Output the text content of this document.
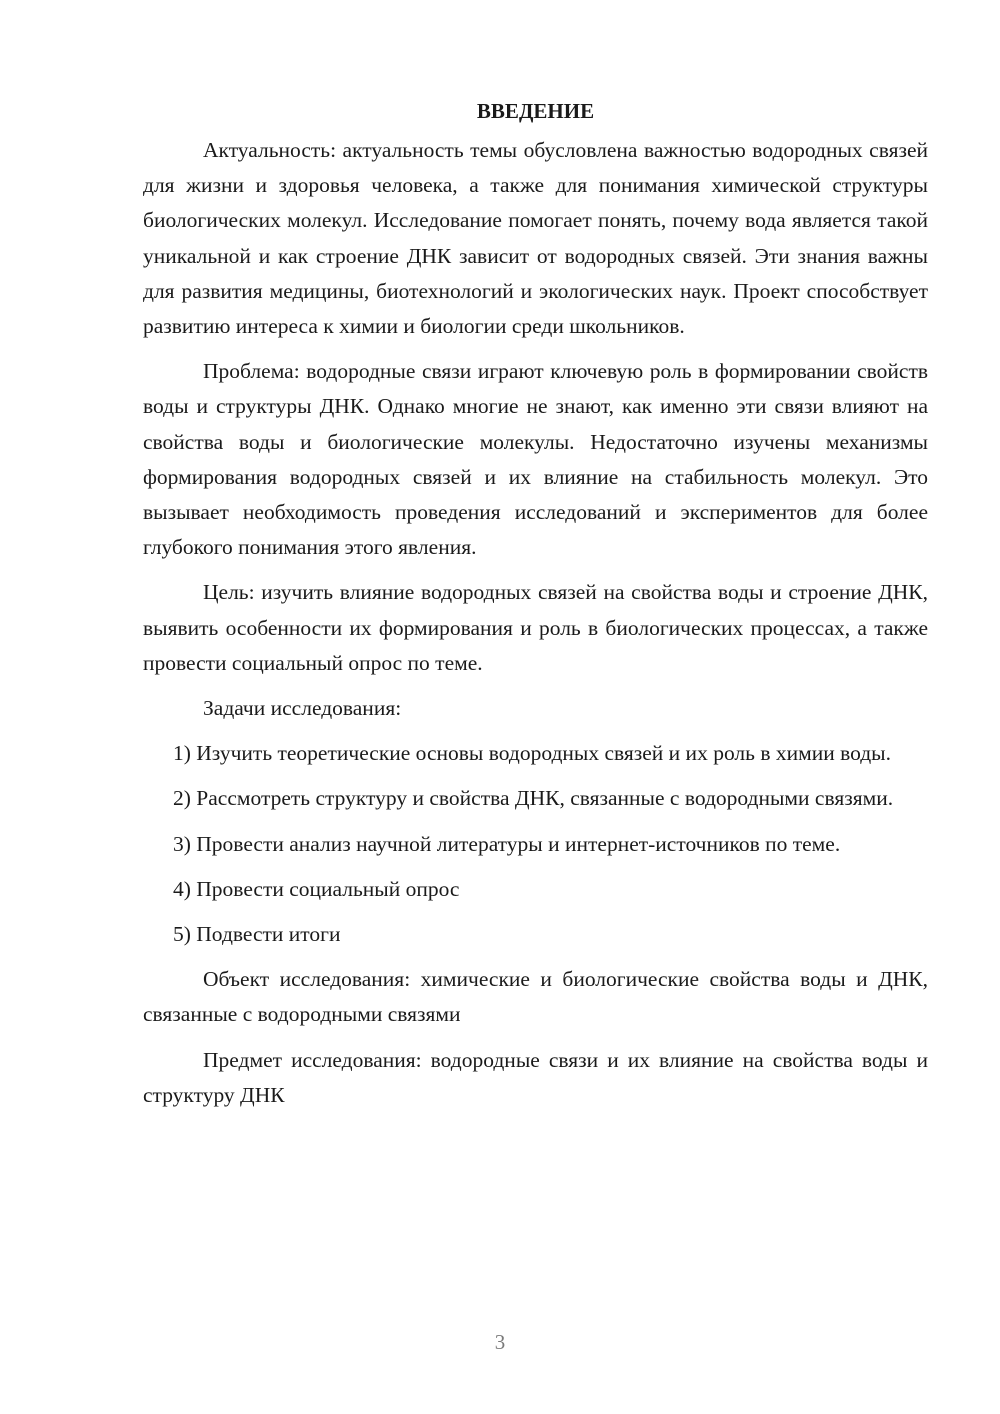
ВВЕДЕНИЕ

Актуальность: актуальность темы обусловлена важностью водородных связей для жизни и здоровья человека, а также для понимания химической структуры биологических молекул. Исследование помогает понять, почему вода является такой уникальной и как строение ДНК зависит от водородных связей. Эти знания важны для развития медицины, биотехнологий и экологических наук. Проект способствует развитию интереса к химии и биологии среди школьников.

Проблема: водородные связи играют ключевую роль в формировании свойств воды и структуры ДНК. Однако многие не знают, как именно эти связи влияют на свойства воды и биологические молекулы. Недостаточно изучены механизмы формирования водородных связей и их влияние на стабильность молекул. Это вызывает необходимость проведения исследований и экспериментов для более глубокого понимания этого явления.

Цель: изучить влияние водородных связей на свойства воды и строение ДНК, выявить особенности их формирования и роль в биологических процессах, а также провести социальный опрос по теме.

Задачи исследования:

1) Изучить теоретические основы водородных связей и их роль в химии воды.

2) Рассмотреть структуру и свойства ДНК, связанные с водородными связями.

3) Провести анализ научной литературы и интернет-источников по теме.

4) Провести социальный опрос

5) Подвести итоги

Объект исследования: химические и биологические свойства воды и ДНК, связанные с водородными связями

Предмет исследования: водородные связи и их влияние на свойства воды и структуру ДНК

3
